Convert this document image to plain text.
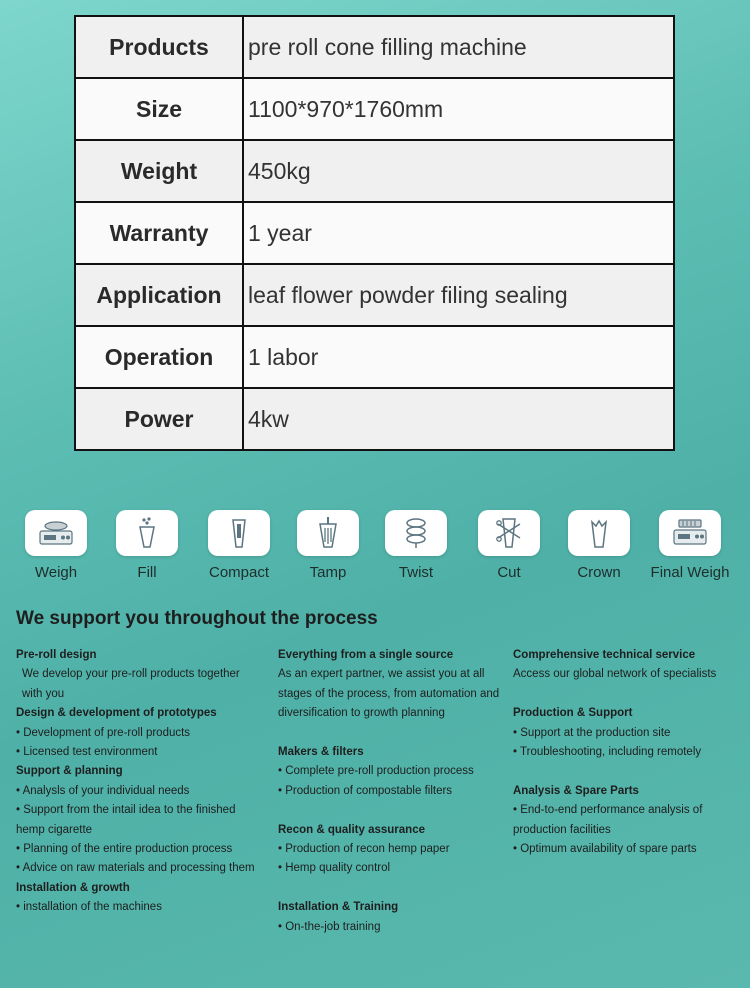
Products	pre roll cone filling machine
Size	1100*970*1760mm
Weight	450kg
Warranty	1 year
Application	leaf flower powder filing sealing
Operation	1 labor
Power	4kw
Weigh	Fill	Compact	Tamp	Twist	Cut	Crown	Final Weigh
We support you throughout the process
Pre-roll design
We develop your pre-roll products together with you
Design & development of prototypes
• Development of pre-roll products
• Licensed test environment
Support & planning
• Analysls of your individual needs
• Support from the intail idea to the finished hemp cigarette
• Planning of the entire production process
• Advice on raw materials and processing them
Installation & growth
• installation of the machines
Everything from a single source
As an expert partner, we assist you at all stages of the process, from automation and diversification to growth planning
Makers & filters
• Complete pre-roll production process
• Production of compostable filters
Recon & quality assurance
• Production of recon hemp paper
• Hemp quality control
Installation & Training
• On-the-job training
Comprehensive technical service
Access our global network of specialists
Production & Support
• Support at the production site
• Troubleshooting, including remotely
Analysis & Spare Parts
• End-to-end performance analysis of production facilities
• Optimum availability of spare parts
